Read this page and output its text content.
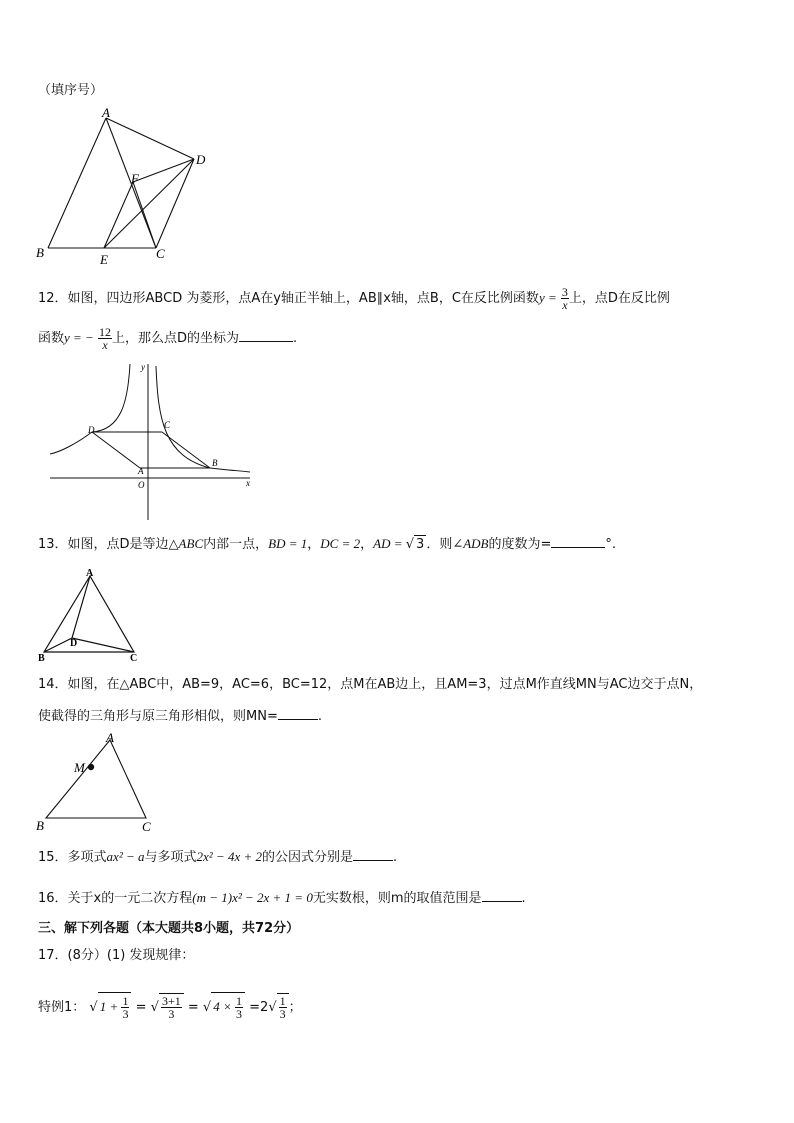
（填序号）
A
D
F
B	E	C
12．如图，四边形ABCD 为菱形，点A在y轴正半轴上，AB∥x轴，点B，C在反比例函数$y = \frac{3}{x}$ 上，点D在反比例
函数y = − $\frac{12}{x}$ 上，那么点D的坐标为	.
y
D	C
A
B
O	x
13．如图，点D是等边△ABC内部一点，BD = 1，DC = 2，AD = √ 3 ．则∠ADB的度数为=	°.
A
D
B	C
14．如图，在△ABC中，AB=9，AC=6，BC=12，点M在AB边上，且AM=3，过点M作直线MN与AC边交于点N，
使截得的三角形与原三角形相似，则MN=	.
A
M
B	C
15．多项式ax² − a与多项式2x² − 4x + 2的公因式分别是	.
16．关于x的一元二次方程(m − 1)x² − 2x + 1 = 0无实数根，则m的取值范围是	.
三、解下列各题（本大题共8小题，共72分）
17．(8分）(1) 发现规律：
特例1： √ $1 + \frac{1}{3}$ = √ $\frac{3+1}{3}$ = √ $4 \times \frac{1}{3} =2√ \frac{1}{3}$ ；
